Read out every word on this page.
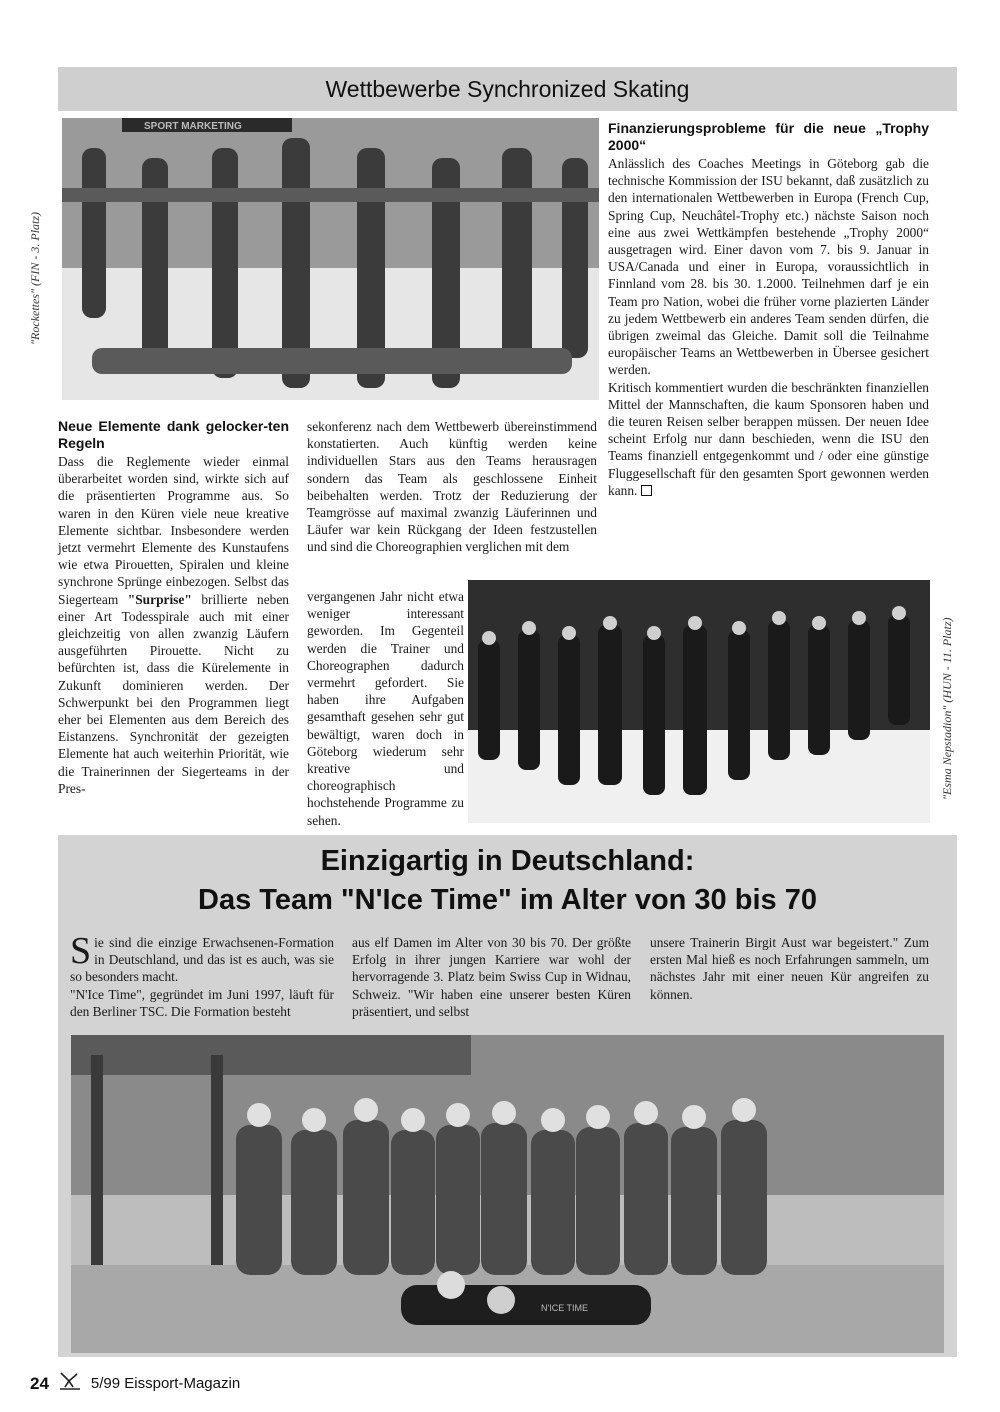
Wettbewerbe Synchronized Skating
SPORT MARKETING
"Rockettes" (FIN - 3. Platz)
Neue Elemente dank gelocker-ten Regeln

Dass die Reglemente wieder einmal überarbeitet worden sind, wirkte sich auf die präsentierten Programme aus. So waren in den Küren viele neue kreative Elemente sichtbar. Insbesondere werden jetzt vermehrt Elemente des Kunstaufens wie etwa Pirouetten, Spiralen und kleine synchrone Sprünge einbezogen. Selbst das Siegerteam "Surprise" brillierte neben einer Art Todesspirale auch mit einer gleichzeitig von allen zwanzig Läufern ausgeführten Pirouette. Nicht zu befürchten ist, dass die Kürelemente in Zukunft dominieren werden. Der Schwerpunkt bei den Programmen liegt eher bei Elementen aus dem Bereich des Eistanzens. Synchronität der gezeigten Elemente hat auch weiterhin Priorität, wie die Trainerinnen der Siegerteams in der Pres-

sekonferenz nach dem Wettbewerb übereinstimmend konstatierten. Auch künftig werden keine individuellen Stars aus den Teams herausragen sondern das Team als geschlossene Einheit beibehalten werden. Trotz der Reduzierung der Teamgrösse auf maximal zwanzig Läuferinnen und Läufer war kein Rückgang der Ideen festzustellen und sind die Choreographien verglichen mit dem

vergangenen Jahr nicht etwa weniger interessant geworden. Im Gegenteil werden die Trainer und Choreographen dadurch vermehrt gefordert. Sie haben ihre Aufgaben gesamthaft gesehen sehr gut bewältigt, waren doch in Göteborg wiederum sehr kreative und choreographisch hochstehende Programme zu sehen.

Finanzierungsprobleme für die neue „Trophy 2000“

Anlässlich des Coaches Meetings in Göteborg gab die technische Kommission der ISU bekannt, daß zusätzlich zu den internationalen Wettbewerben in Europa (French Cup, Spring Cup, Neuchâtel-Trophy etc.) nächste Saison noch eine aus zwei Wettkämpfen bestehende „Trophy 2000“ ausgetragen wird. Einer davon vom 7. bis 9. Januar in USA/Canada und einer in Europa, voraussichtlich in Finnland vom 28. bis 30. 1.2000. Teilnehmen darf je ein Team pro Nation, wobei die früher vorne plazierten Länder zu jedem Wettbewerb ein anderes Team senden dürfen, die übrigen zweimal das Gleiche. Damit soll die Teilnahme europäischer Teams an Wettbewerben in Übersee gesichert werden.

Kritisch kommentiert wurden die beschränkten finanziellen Mittel der Mannschaften, die kaum Sponsoren haben und die teuren Reisen selber berappen müssen. Der neuen Idee scheint Erfolg nur dann beschieden, wenn die ISU den Teams finanziell entgegenkommt und / oder eine günstige Fluggesellschaft für den gesamten Sport gewonnen werden kann.

"Esma Nepstadion" (HUN - 11. Platz)
Einzigartig in Deutschland:
Das Team "N'Ice Time" im Alter von 30 bis 70

Sie sind die einzige Erwachsenen-Formation in Deutschland, und das ist es auch, was sie so besonders macht.

"N'Ice Time", gegründet im Juni 1997, läuft für den Berliner TSC. Die Formation besteht

aus elf Damen im Alter von 30 bis 70. Der größte Erfolg in ihrer jungen Karriere war wohl der hervorragende 3. Platz beim Swiss Cup in Widnau, Schweiz. "Wir haben eine unserer besten Küren präsentiert, und selbst

unsere Trainerin Birgit Aust war begeistert." Zum ersten Mal hieß es noch Erfahrungen sammeln, um nächstes Jahr mit einer neuen Kür angreifen zu können.

N'ICE TIME
24	5/99 Eissport-Magazin
